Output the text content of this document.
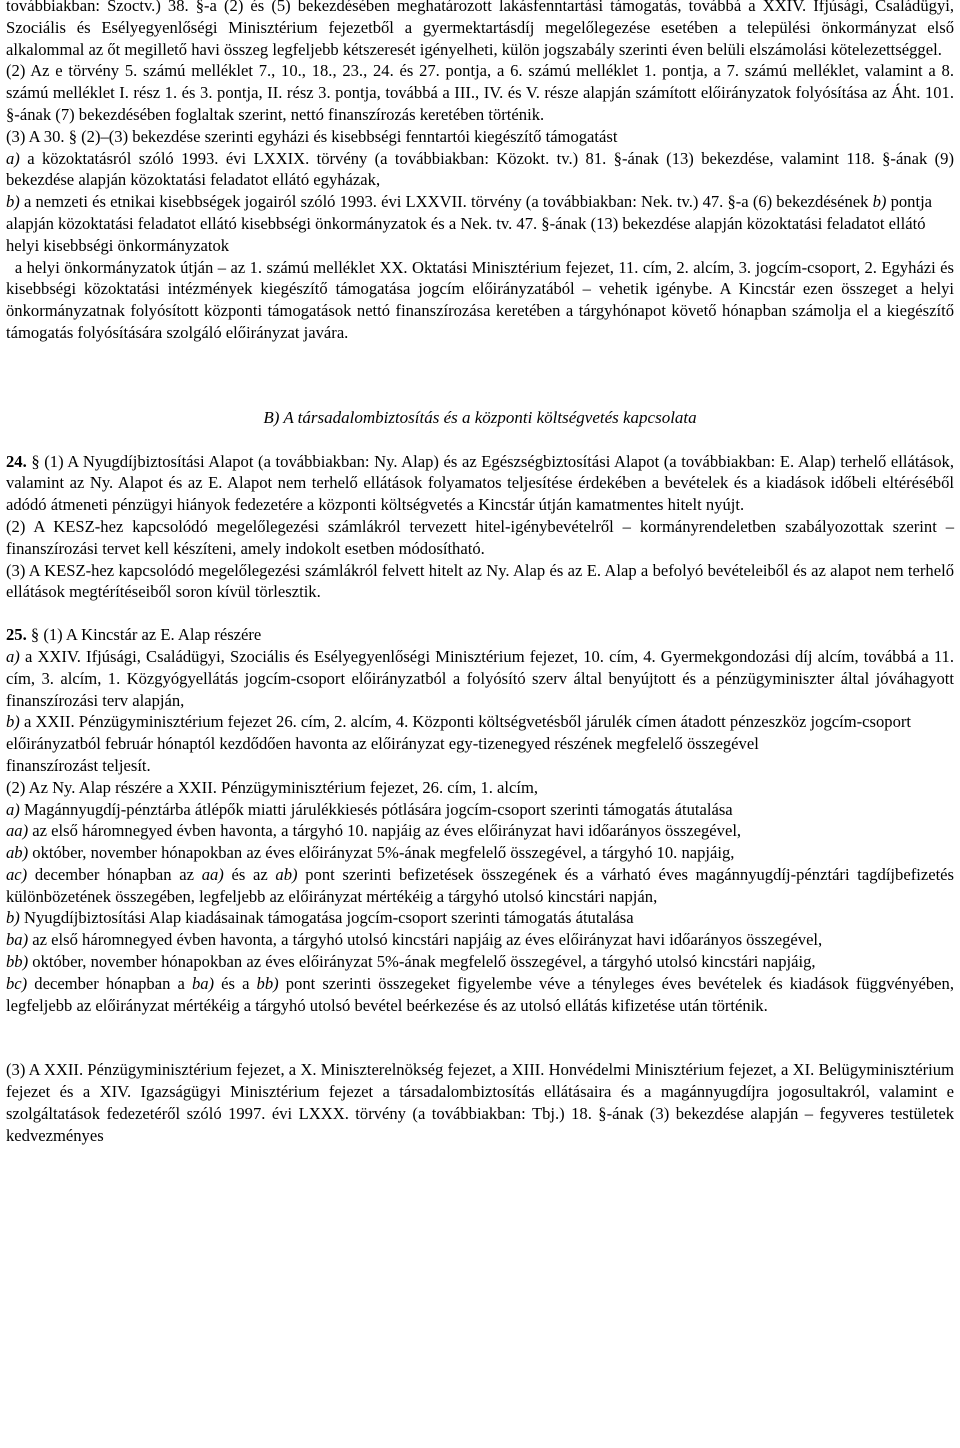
továbbiakban: Szoctv.) 38. §-a (2) és (5) bekezdésében meghatározott lakásfenntartási támogatás, továbbá a XXIV. Ifjúsági, Családügyi, Szociális és Esélyegyenlőségi Minisztérium fejezetből a gyermektartásdíj megelőlegezése esetében a települési önkormányzat első alkalommal az őt megillető havi összeg legfeljebb kétszeresét igényelheti, külön jogszabály szerinti éven belüli elszámolási kötelezettséggel.

(2) Az e törvény 5. számú melléklet 7., 10., 18., 23., 24. és 27. pontja, a 6. számú melléklet 1. pontja, a 7. számú melléklet, valamint a 8. számú melléklet I. rész 1. és 3. pontja, II. rész 3. pontja, továbbá a III., IV. és V. része alapján számított előirányzatok folyósítása az Áht. 101. §-ának (7) bekezdésében foglaltak szerint, nettó finanszírozás keretében történik.

(3) A 30. § (2)–(3) bekezdése szerinti egyházi és kisebbségi fenntartói kiegészítő támogatást

a) a közoktatásról szóló 1993. évi LXXIX. törvény (a továbbiakban: Közokt. tv.) 81. §-ának (13) bekezdése, valamint 118. §-ának (9) bekezdése alapján közoktatási feladatot ellátó egyházak,

b) a nemzeti és etnikai kisebbségek jogairól szóló 1993. évi LXXVII. törvény (a továbbiakban: Nek. tv.) 47. §-a (6) bekezdésének b) pontja alapján közoktatási feladatot ellátó kisebbségi önkormányzatok és a Nek. tv. 47. §-ának (13) bekezdése alapján közoktatási feladatot ellátó helyi kisebbségi önkormányzatok

a helyi önkormányzatok útján – az 1. számú melléklet XX. Oktatási Minisztérium fejezet, 11. cím, 2. alcím, 3. jogcím-csoport, 2. Egyházi és kisebbségi közoktatási intézmények kiegészítő támogatása jogcím előirányzatából – vehetik igénybe. A Kincstár ezen összeget a helyi önkormányzatnak folyósított központi támogatások nettó finanszírozása keretében a tárgyhónapot követő hónapban számolja el a kiegészítő támogatás folyósítására szolgáló előirányzat javára.

B) A társadalombiztosítás és a központi költségvetés kapcsolata

24. § (1) A Nyugdíjbiztosítási Alapot (a továbbiakban: Ny. Alap) és az Egészségbiztosítási Alapot (a továbbiakban: E. Alap) terhelő ellátások, valamint az Ny. Alapot és az E. Alapot nem terhelő ellátások folyamatos teljesítése érdekében a bevételek és a kiadások időbeli eltéréséből adódó átmeneti pénzügyi hiányok fedezetére a központi költségvetés a Kincstár útján kamatmentes hitelt nyújt.

(2) A KESZ-hez kapcsolódó megelőlegezési számlákról tervezett hitel-igénybevételről – kormányrendeletben szabályozottak szerint – finanszírozási tervet kell készíteni, amely indokolt esetben módosítható.

(3) A KESZ-hez kapcsolódó megelőlegezési számlákról felvett hitelt az Ny. Alap és az E. Alap a befolyó bevételeiből és az alapot nem terhelő ellátások megtérítéseiből soron kívül törlesztik.

25. § (1) A Kincstár az E. Alap részére

a) a XXIV. Ifjúsági, Családügyi, Szociális és Esélyegyenlőségi Minisztérium fejezet, 10. cím, 4. Gyermekgondozási díj alcím, továbbá a 11. cím, 3. alcím, 1. Közgyógyellátás jogcím-csoport előirányzatból a folyósító szerv által benyújtott és a pénzügyminiszter által jóváhagyott finanszírozási terv alapján,

b) a XXII. Pénzügyminisztérium fejezet 26. cím, 2. alcím, 4. Központi költségvetésből járulék címen átadott pénzeszköz jogcím-csoport előirányzatból február hónaptól kezdődően havonta az előirányzat egy-tizenegyed részének megfelelő összegével

finanszírozást teljesít.

(2) Az Ny. Alap részére a XXII. Pénzügyminisztérium fejezet, 26. cím, 1. alcím,

a) Magánnyugdíj-pénztárba átlépők miatti járulékkiesés pótlására jogcím-csoport szerinti támogatás átutalása

aa) az első háromnegyed évben havonta, a tárgyhó 10. napjáig az éves előirányzat havi időarányos összegével,

ab) október, november hónapokban az éves előirányzat 5%-ának megfelelő összegével, a tárgyhó 10. napjáig,

ac) december hónapban az aa) és az ab) pont szerinti befizetések összegének és a várható éves magánnyugdíj-pénztári tagdíjbefizetés különbözetének összegében, legfeljebb az előirányzat mértékéig a tárgyhó utolsó kincstári napján,

b) Nyugdíjbiztosítási Alap kiadásainak támogatása jogcím-csoport szerinti támogatás átutalása

ba) az első háromnegyed évben havonta, a tárgyhó utolsó kincstári napjáig az éves előirányzat havi időarányos összegével,

bb) október, november hónapokban az éves előirányzat 5%-ának megfelelő összegével, a tárgyhó utolsó kincstári napjáig,

bc) december hónapban a ba) és a bb) pont szerinti összegeket figyelembe véve a tényleges éves bevételek és kiadások függvényében, legfeljebb az előirányzat mértékéig a tárgyhó utolsó bevétel beérkezése és az utolsó ellátás kifizetése után történik.

(3) A XXII. Pénzügyminisztérium fejezet, a X. Miniszterelnökség fejezet, a XIII. Honvédelmi Minisztérium fejezet, a XI. Belügyminisztérium fejezet és a XIV. Igazságügyi Minisztérium fejezet a társadalombiztosítás ellátásaira és a magánnyugdíjra jogosultakról, valamint e szolgáltatások fedezetéről szóló 1997. évi LXXX. törvény (a továbbiakban: Tbj.) 18. §-ának (3) bekezdése alapján – fegyveres testületek kedvezményes
